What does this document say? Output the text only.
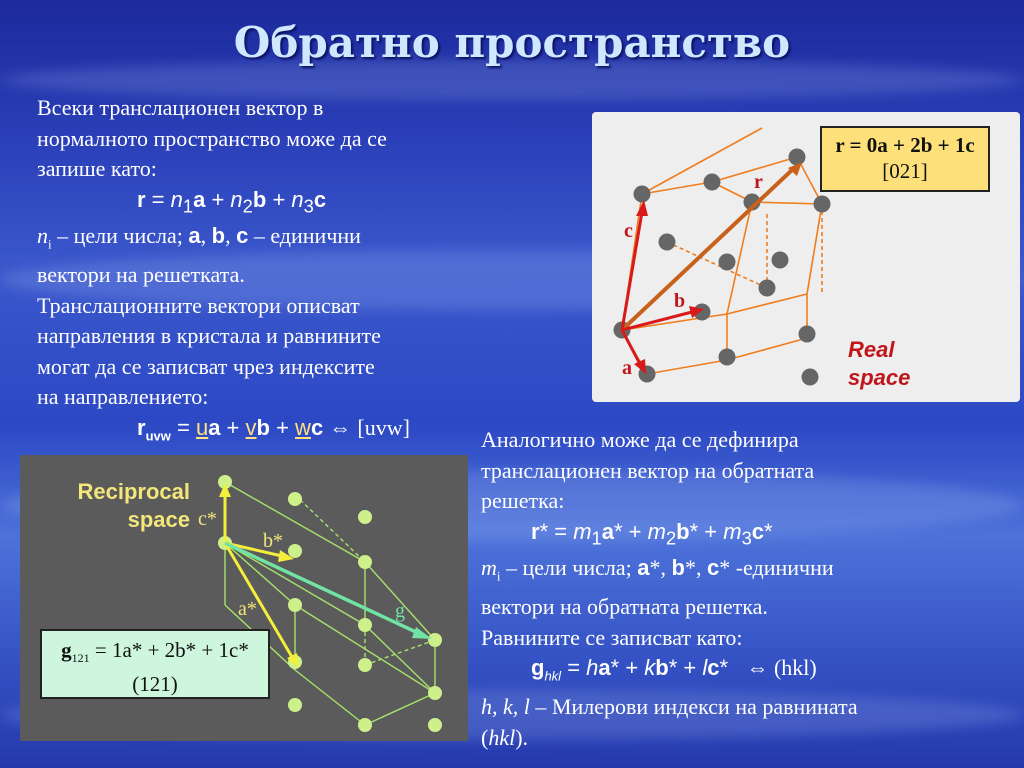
Обратно пространство

Всеки транслационен вектор в

нормалното пространство може да се

запише като:

$r = n_1a + n_2b + n_3c$

$n_i$ – цели числа; a, b, c – единични

вектори на решетката.

Транслационните вектори описват

направления в кристала и равнините

могат да се записват чрез индексите

на направлението:

$r_{uvw}$ = ua + vb + wc ⇔ [uvw]

r
c
b
a
r = 0a + 2b + 1c
[021]
Real
space

Аналогично може да се дефинира

транслационен вектор на обратната

решетка:

$r* = m_1a* + m_2b* + m_3c*$

$m_i$ – цели числа; a*, b*, c* -единични

вектори на обратната решетка.

Равнините се записват като:

$g_{hkl} = ha* + kb* + lc*$   ⇔ (hkl)

h, k, l – Милерови индекси на равнината

(hkl).

c*
b*
a*	g
Reciprocal
space
$g_{121} = 1a* + 2b* + 1c*$
(121)
